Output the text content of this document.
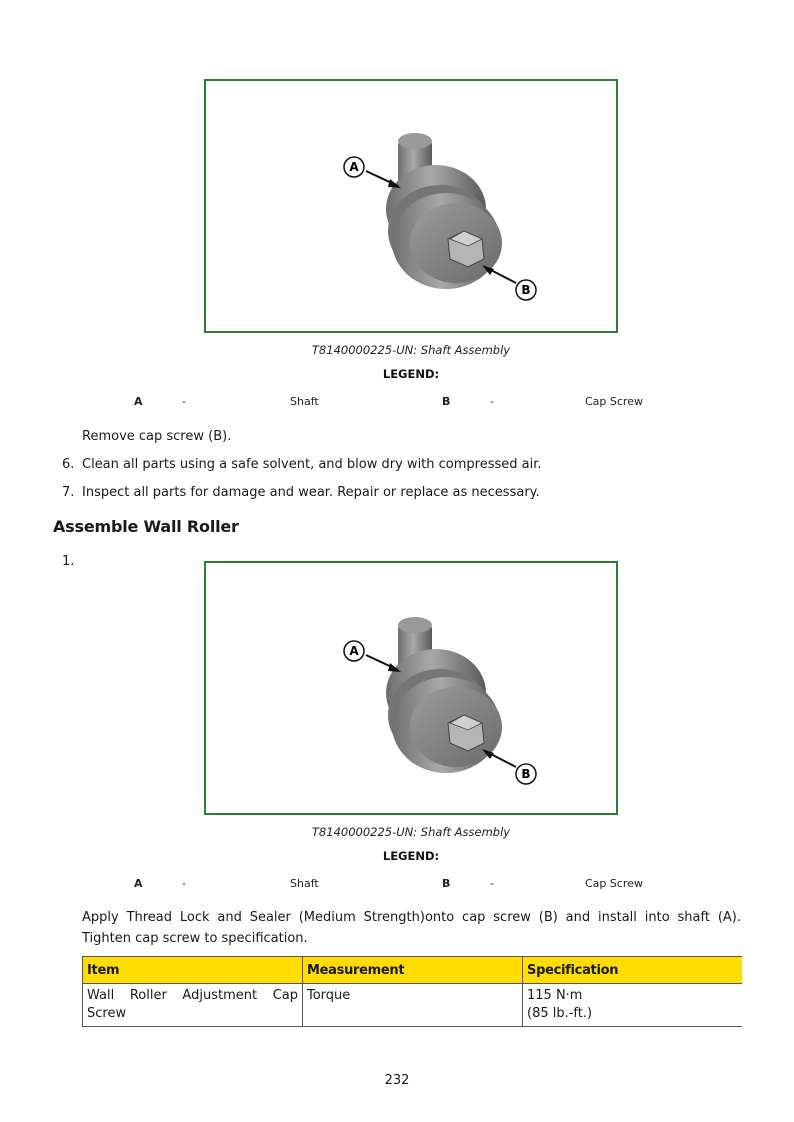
A
B
T8140000225-UN: Shaft Assembly
LEGEND:
A	-	Shaft	B	-	Cap Screw
Remove cap screw (B).
6. Clean all parts using a safe solvent, and blow dry with compressed air.
7. Inspect all parts for damage and wear. Repair or replace as necessary.
Assemble Wall Roller
1.
A
B
T8140000225-UN: Shaft Assembly
LEGEND:
A	-	Shaft	B	-	Cap Screw
Apply Thread Lock and Sealer (Medium Strength)onto cap screw (B) and install into shaft (A). Tighten cap screw to specification.
Item	Measurement	Specification
Wall Roller Adjustment Cap Screw	Torque	115 N·m
(85 lb.-ft.)
232
